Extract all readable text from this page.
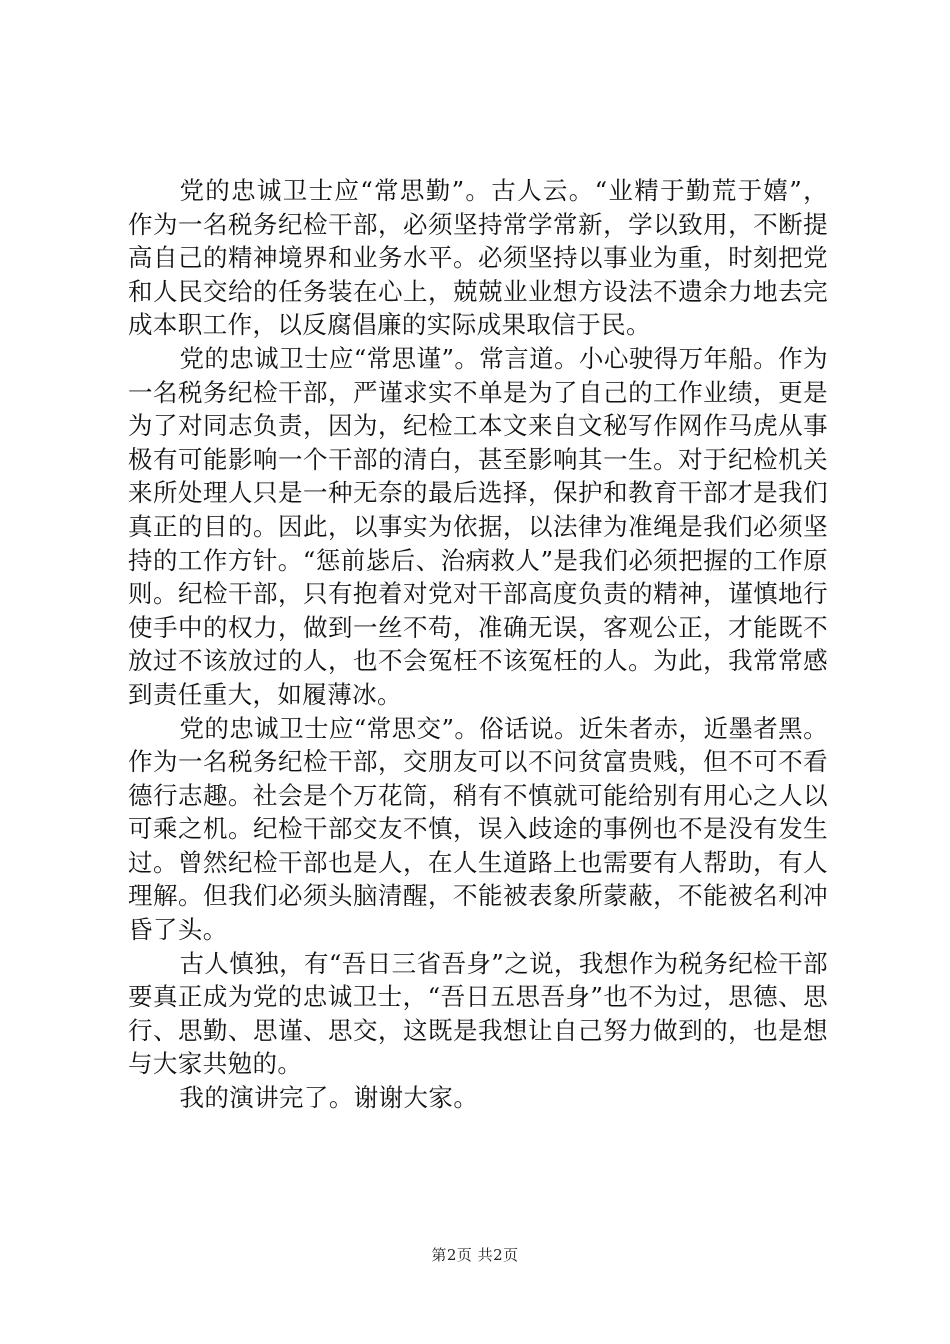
党的忠诚卫士应“常思勤”。古人云。“业精于勤荒于嬉”，作为一名税务纪检干部，必须坚持常学常新，学以致用，不断提高自己的精神境界和业务水平。必须坚持以事业为重，时刻把党和人民交给的任务装在心上，兢兢业业想方设法不遗余力地去完成本职工作，以反腐倡廉的实际成果取信于民。

党的忠诚卫士应“常思谨”。常言道。小心驶得万年船。作为一名税务纪检干部，严谨求实不单是为了自己的工作业绩，更是为了对同志负责，因为，纪检工本文来自文秘写作网作马虎从事极有可能影响一个干部的清白，甚至影响其一生。对于纪检机关来所处理人只是一种无奈的最后选择，保护和教育干部才是我们真正的目的。因此，以事实为依据，以法律为准绳是我们必须坚持的工作方针。“惩前毖后、治病救人”是我们必须把握的工作原则。纪检干部，只有抱着对党对干部高度负责的精神，谨慎地行使手中的权力，做到一丝不苟，准确无误，客观公正，才能既不放过不该放过的人，也不会冤枉不该冤枉的人。为此，我常常感到责任重大，如履薄冰。

党的忠诚卫士应“常思交”。俗话说。近朱者赤，近墨者黑。作为一名税务纪检干部，交朋友可以不问贫富贵贱，但不可不看德行志趣。社会是个万花筒，稍有不慎就可能给别有用心之人以可乘之机。纪检干部交友不慎，误入歧途的事例也不是没有发生过。曾然纪检干部也是人，在人生道路上也需要有人帮助，有人理解。但我们必须头脑清醒，不能被表象所蒙蔽，不能被名利冲昏了头。

古人慎独，有“吾日三省吾身”之说，我想作为税务纪检干部要真正成为党的忠诚卫士，“吾日五思吾身”也不为过，思德、思行、思勤、思谨、思交，这既是我想让自己努力做到的，也是想与大家共勉的。

我的演讲完了。谢谢大家。

第2页 共2页
